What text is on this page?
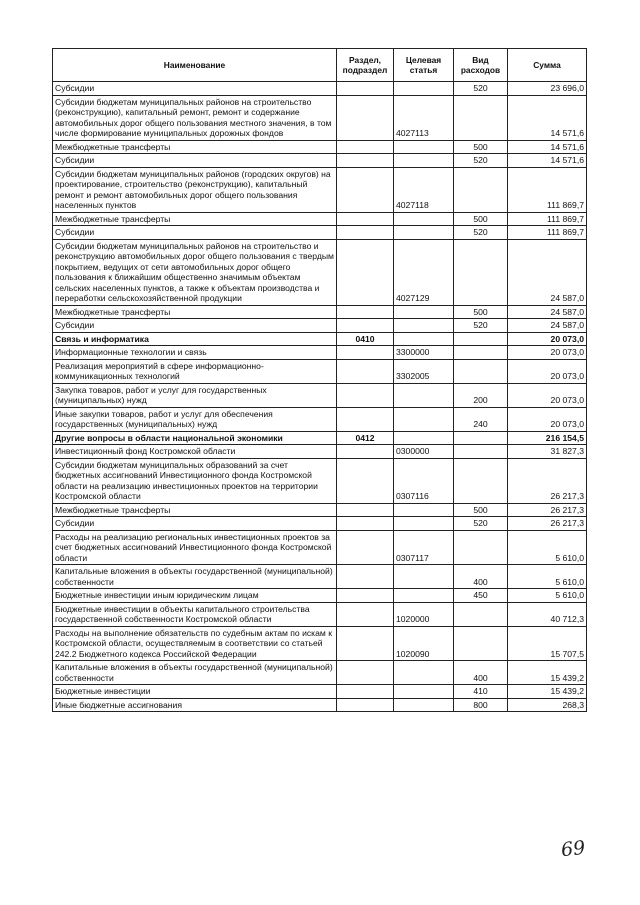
Наименование	Раздел, подраздел	Целевая статья	Вид расходов	Сумма
Субсидии			520	23 696,0
Субсидии бюджетам муниципальных районов на строительство (реконструкцию), капитальный ремонт, ремонт и содержание автомобильных дорог общего пользования местного значения, в том числе формирование муниципальных дорожных фондов		4027113		14 571,6
Межбюджетные трансферты			500	14 571,6
Субсидии			520	14 571,6
Субсидии бюджетам муниципальных районов (городских округов) на проектирование, строительство (реконструкцию), капитальный ремонт и ремонт автомобильных дорог общего пользования населенных пунктов		4027118		111 869,7
Межбюджетные трансферты			500	111 869,7
Субсидии			520	111 869,7
Субсидии бюджетам муниципальных районов на строительство и реконструкцию автомобильных дорог общего пользования с твердым покрытием, ведущих от сети автомобильных дорог общего пользования к ближайшим общественно значимым объектам сельских населенных пунктов, а также к объектам производства и переработки сельскохозяйственной продукции		4027129		24 587,0
Межбюджетные трансферты			500	24 587,0
Субсидии			520	24 587,0
Связь и информатика	0410			20 073,0
Информационные технологии и связь		3300000		20 073,0
Реализация мероприятий в сфере информационно-коммуникационных технологий		3302005		20 073,0
Закупка товаров, работ и услуг для государственных (муниципальных) нужд			200	20 073,0
Иные закупки товаров, работ и услуг для обеспечения государственных (муниципальных) нужд			240	20 073,0
Другие вопросы в области национальной экономики	0412			216 154,5
Инвестиционный фонд Костромской области		0300000		31 827,3
Субсидии бюджетам муниципальных образований за счет бюджетных ассигнований Инвестиционного фонда Костромской области на реализацию инвестиционных проектов на территории Костромской области		0307116		26 217,3
Межбюджетные трансферты			500	26 217,3
Субсидии			520	26 217,3
Расходы на реализацию региональных инвестиционных проектов за счет бюджетных ассигнований Инвестиционного фонда Костромской области		0307117		5 610,0
Капитальные вложения в объекты государственной (муниципальной) собственности			400	5 610,0
Бюджетные инвестиции иным юридическим лицам			450	5 610,0
Бюджетные инвестиции в объекты капитального строительства государственной собственности Костромской области		1020000		40 712,3
Расходы на выполнение обязательств по судебным актам по искам к Костромской области, осуществляемым в соответствии со статьей 242.2 Бюджетного кодекса Российской Федерации		1020090		15 707,5
Капитальные вложения в объекты государственной (муниципальной) собственности			400	15 439,2
Бюджетные инвестиции			410	15 439,2
Иные бюджетные ассигнования			800	268,3
69
